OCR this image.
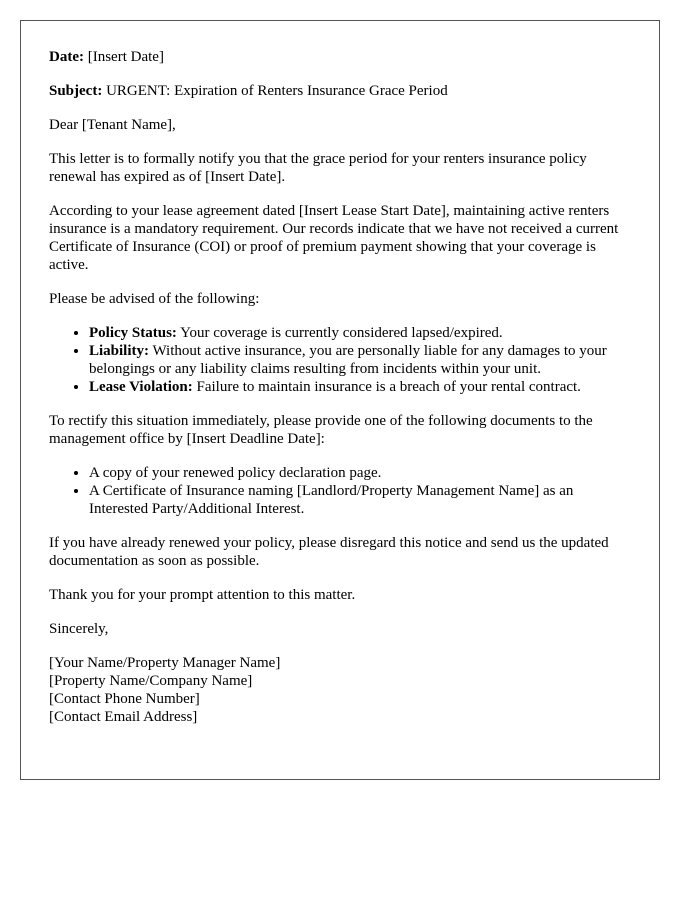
Date: [Insert Date]

Subject: URGENT: Expiration of Renters Insurance Grace Period

Dear [Tenant Name],

This letter is to formally notify you that the grace period for your renters insurance policy renewal has expired as of [Insert Date].

According to your lease agreement dated [Insert Lease Start Date], maintaining active renters insurance is a mandatory requirement. Our records indicate that we have not received a current Certificate of Insurance (COI) or proof of premium payment showing that your coverage is active.

Please be advised of the following:

• Policy Status: Your coverage is currently considered lapsed/expired.
• Liability: Without active insurance, you are personally liable for any damages to your belongings or any liability claims resulting from incidents within your unit.
• Lease Violation: Failure to maintain insurance is a breach of your rental contract.

To rectify this situation immediately, please provide one of the following documents to the management office by [Insert Deadline Date]:

• A copy of your renewed policy declaration page.
• A Certificate of Insurance naming [Landlord/Property Management Name] as an Interested Party/Additional Interest.

If you have already renewed your policy, please disregard this notice and send us the updated documentation as soon as possible.

Thank you for your prompt attention to this matter.

Sincerely,

[Your Name/Property Manager Name]
[Property Name/Company Name]
[Contact Phone Number]
[Contact Email Address]
